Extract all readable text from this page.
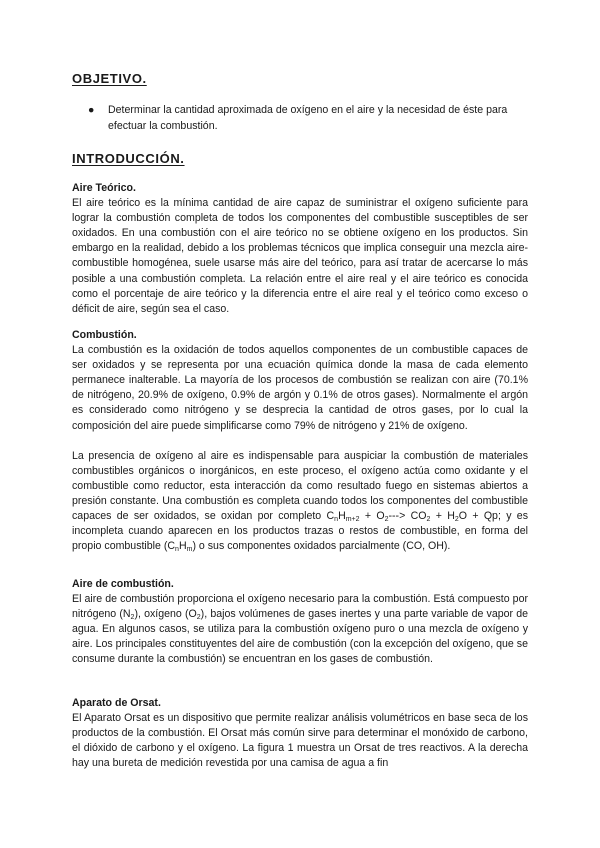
OBJETIVO.
●	Determinar la cantidad aproximada de oxígeno en el aire y la necesidad de éste para efectuar la combustión.
INTRODUCCIÓN.
Aire Teórico.

El aire teórico es la mínima cantidad de aire capaz de suministrar el oxígeno suficiente para lograr la combustión completa de todos los componentes del combustible susceptibles de ser oxidados. En una combustión con el aire teórico no se obtiene oxígeno en los productos. Sin embargo en la realidad, debido a los problemas técnicos que implica conseguir una mezcla aire-combustible homogénea, suele usarse más aire del teórico, para así tratar de acercarse lo más posible a una combustión completa. La relación entre el aire real y el aire teórico es conocida como el porcentaje de aire teórico y la diferencia entre el aire real y el teórico como exceso o déficit de aire, según sea el caso.

Combustión.

La combustión es la oxidación de todos aquellos componentes de un combustible capaces de ser oxidados y se representa por una ecuación química donde la masa de cada elemento permanece inalterable. La mayoría de los procesos de combustión se realizan con aire (70.1% de nitrógeno, 20.9% de oxígeno, 0.9% de argón y 0.1% de otros gases). Normalmente el argón es considerado como nitrógeno y se desprecia la cantidad de otros gases, por lo cual la composición del aire puede simplificarse como 79% de nitrógeno y 21% de oxígeno.

La presencia de oxígeno al aire es indispensable para auspiciar la combustión de materiales combustibles orgánicos o inorgánicos, en este proceso, el oxígeno actúa como oxidante y el combustible como reductor, esta interacción da como resultado fuego en sistemas abiertos a presión constante. Una combustión es completa cuando todos los componentes del combustible capaces de ser oxidados, se oxidan por completo $C_nH_{m+2} + O_2---> CO_2 + H_2O + Qp$; y es incompleta cuando aparecen en los productos trazas o restos de combustible, en forma del propio combustible $(C_nH_m)$ o sus componentes oxidados parcialmente (CO, OH).

Aire de combustión.

El aire de combustión proporciona el oxígeno necesario para la combustión. Está compuesto por nitrógeno $(N_2)$, oxígeno $(O_2)$, bajos volúmenes de gases inertes y una parte variable de vapor de agua. En algunos casos, se utiliza para la combustión oxígeno puro o una mezcla de oxígeno y aire. Los principales constituyentes del aire de combustión (con la excepción del oxígeno, que se consume durante la combustión) se encuentran en los gases de combustión.

Aparato de Orsat.

El Aparato Orsat es un dispositivo que permite realizar análisis volumétricos en base seca de los productos de la combustión. El Orsat más común sirve para determinar el monóxido de carbono, el dióxido de carbono y el oxígeno. La figura 1 muestra un Orsat de tres reactivos. A la derecha hay una bureta de medición revestida por una camisa de agua a fin
